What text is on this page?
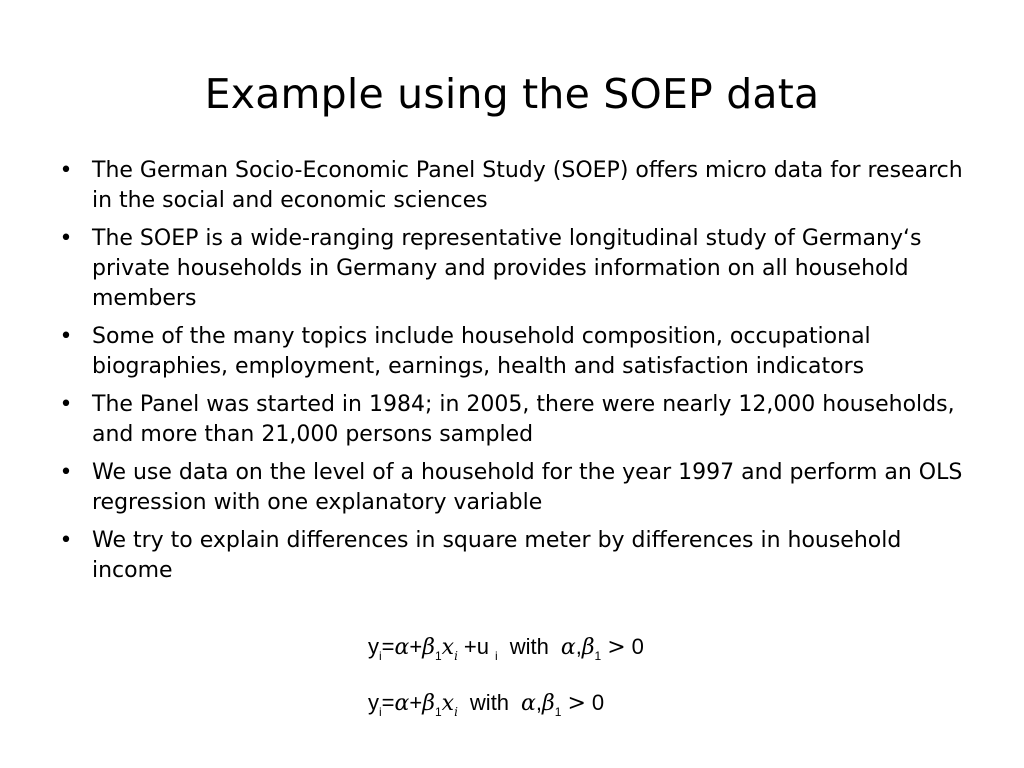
Example using the SOEP data
• The German Socio-Economic Panel Study (SOEP) offers micro data for research in the social and economic sciences
• The SOEP is a wide-ranging representative longitudinal study of Germany‘s private households in Germany and provides information on all household members
• Some of the many topics include household composition, occupational biographies, employment, earnings, health and satisfaction indicators
• The Panel was started in 1984; in 2005, there were nearly 12,000 households, and more than 21,000 persons sampled
• We use data on the level of a household for the year 1997 and perform an OLS regression with one explanatory variable
• We try to explain differences in square meter by differences in household income
$y_i=\alpha+\beta_1x_i +u$ $_i$ with $\alpha,\beta_1 > 0$
$y_i=\alpha+\beta_1x_i$ with $\alpha,\beta_1 > 0$
